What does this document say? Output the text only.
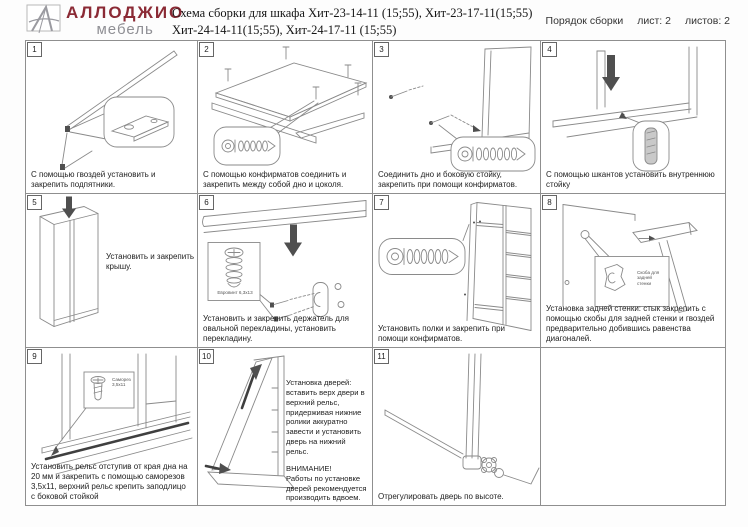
АЛЛОДЖИО
мебель
Схема сборки для шкафа Хит-23-14-11 (15;55), Хит-23-17-11(15;55)
Хит-24-14-11(15;55), Хит-24-17-11 (15;55)
Порядок сборки лист: 2 листов: 2
1
С помощью гвоздей установить и закрепить подпятники.
2
С помощью конфирматов соединить и закрепить между собой дно и цоколя.
3
Соединить дно и боковую стойку, закрепить при помощи конфирматов.
4
С помощью шкантов установить внутреннюю стойку
5
Установить и закрепить крышу.
6
Евровинт 6,3х13
Установить и закрепить держатель для овальной перекладины, установить перекладину.
7
Установить полки и закрепить при помощи конфирматов.
8
Скоба для задней стенки
Установка задней стенки: стык закрепить с помощью скобы для задней стенки и гвоздей предварительно добившись равенства диагоналей.
9
Саморез 3,5х11
Установить рельс отступив от края дна на 20 мм и закрепить с помощью саморезов 3,5х11, верхний рельс крепить заподлицо с боковой стойкой
10
Установка дверей: вставить верх двери в верхний рельс, придерживая нижние ролики аккуратно завести и установить дверь на нижний рельс.
ВНИМАНИЕ!
Работы по установке дверей рекомендуется производить вдвоем.
11
Отрегулировать дверь по высоте.
